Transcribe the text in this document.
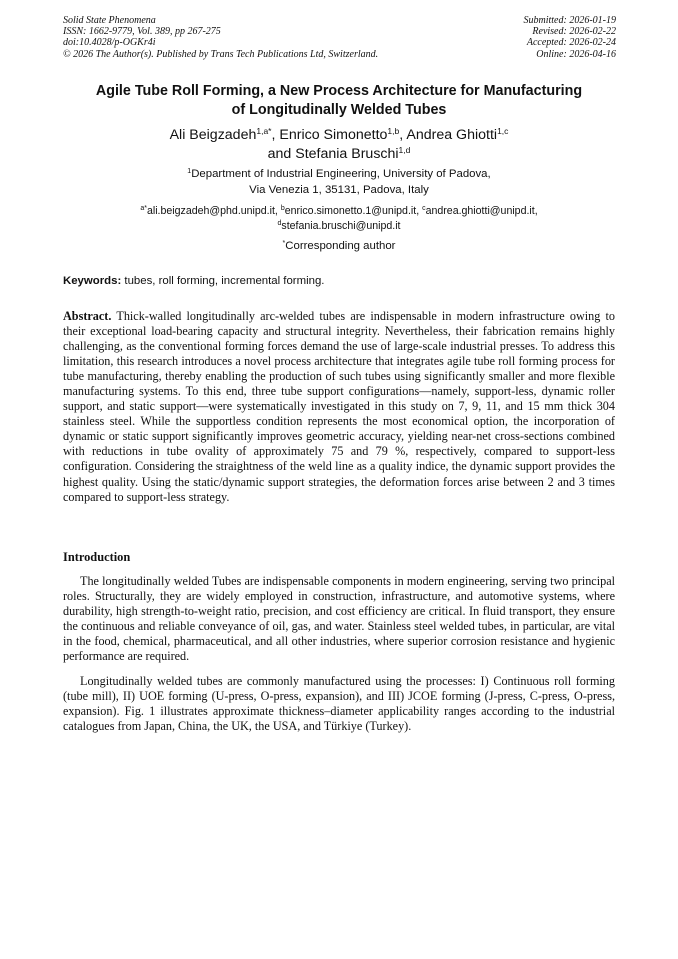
Solid State Phenomena
ISSN: 1662-9779, Vol. 389, pp 267-275
doi:10.4028/p-OGKr4i
© 2026 The Author(s). Published by Trans Tech Publications Ltd, Switzerland.
Submitted: 2026-01-19
Revised: 2026-02-22
Accepted: 2026-02-24
Online: 2026-04-16
Agile Tube Roll Forming, a New Process Architecture for Manufacturing
of Longitudinally Welded Tubes
Ali Beigzadeh$^{1,a*}$, Enrico Simonetto$^{1,b}$, Andrea Ghiotti$^{1,c}$
and Stefania Bruschi$^{1,d}$
$^1$Department of Industrial Engineering, University of Padova,
Via Venezia 1, 35131, Padova, Italy
$^{a*}$ali.beigzadeh@phd.unipd.it, $^b$enrico.simonetto.1@unipd.it, $^c$andrea.ghiotti@unipd.it,
$^d$stefania.bruschi@unipd.it
*Corresponding author
Keywords: tubes, roll forming, incremental forming.
Abstract. Thick-walled longitudinally arc-welded tubes are indispensable in modern infrastructure owing to their exceptional load-bearing capacity and structural integrity. Nevertheless, their fabrication remains highly challenging, as the conventional forming forces demand the use of large-scale industrial presses. To address this limitation, this research introduces a novel process architecture that integrates agile tube roll forming process for tube manufacturing, thereby enabling the production of such tubes using significantly smaller and more flexible manufacturing systems. To this end, three tube support configurations—namely, support-less, dynamic roller support, and static support—were systematically investigated in this study on 7, 9, 11, and 15 mm thick 304 stainless steel. While the supportless condition represents the most economical option, the incorporation of dynamic or static support significantly improves geometric accuracy, yielding near-net cross-sections combined with reductions in tube ovality of approximately 75 and 79 %, respectively, compared to support-less configuration. Considering the straightness of the weld line as a quality indice, the dynamic support provides the highest quality. Using the static/dynamic support strategies, the deformation forces arise between 2 and 3 times compared to support-less strategy.
Introduction
The longitudinally welded Tubes are indispensable components in modern engineering, serving two principal roles. Structurally, they are widely employed in construction, infrastructure, and automotive systems, where durability, high strength-to-weight ratio, precision, and cost efficiency are critical. In fluid transport, they ensure the continuous and reliable conveyance of oil, gas, and water. Stainless steel welded tubes, in particular, are vital in the food, chemical, pharmaceutical, and all other industries, where superior corrosion resistance and hygienic performance are required.
Longitudinally welded tubes are commonly manufactured using the processes: I) Continuous roll forming (tube mill), II) UOE forming (U-press, O-press, expansion), and III) JCOE forming (J-press, C-press, O-press, expansion). Fig. 1 illustrates approximate thickness–diameter applicability ranges according to the industrial catalogues from Japan, China, the UK, the USA, and Türkiye (Turkey).
